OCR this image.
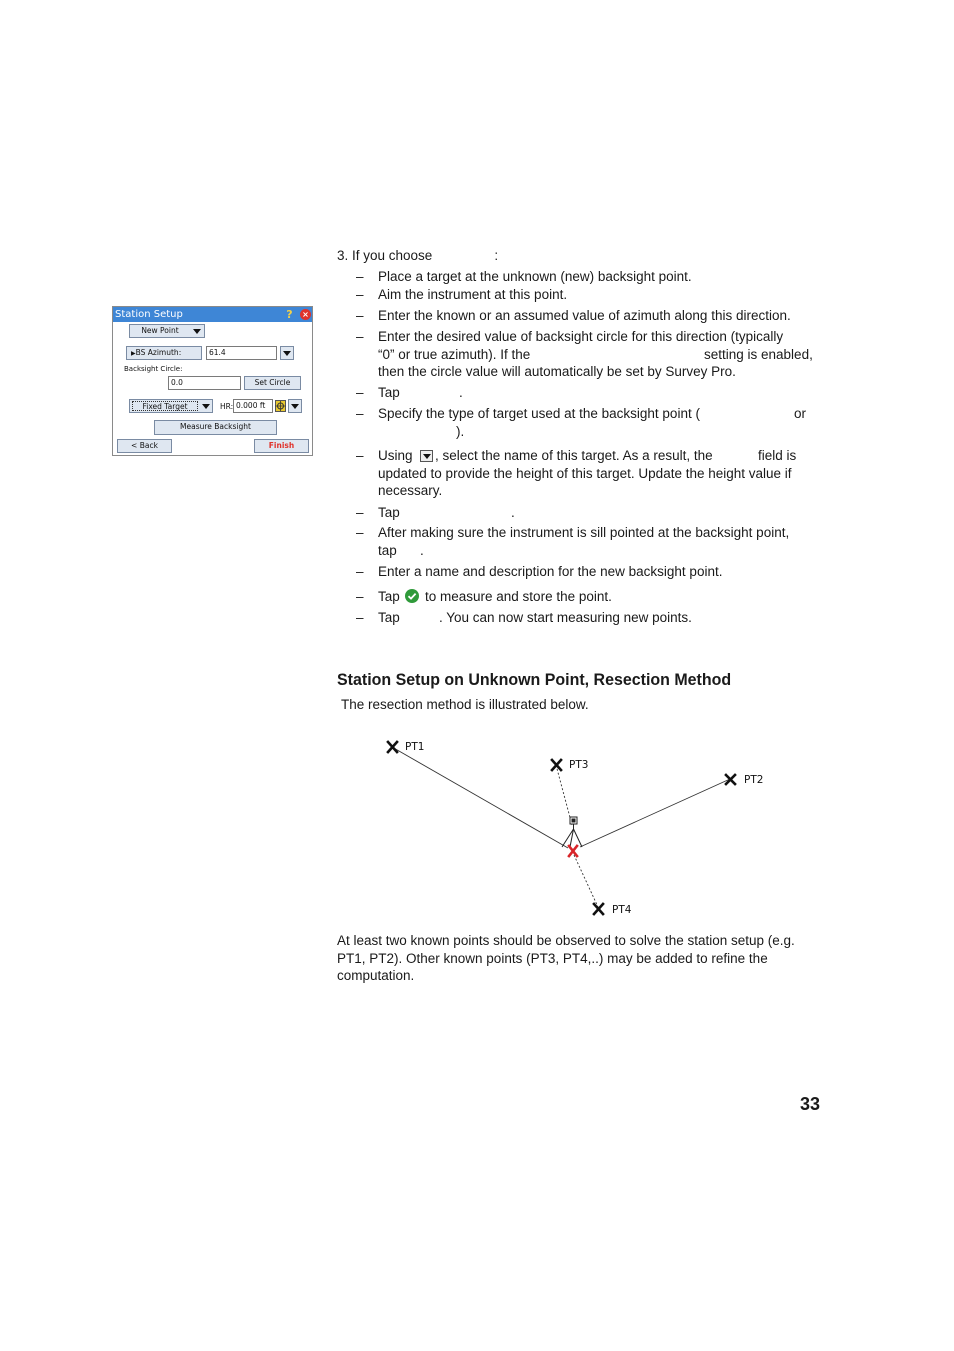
3. If you choose	:
– Place a target at the unknown (new) backsight point.
– Aim the instrument at this point.
– Enter the known or an assumed value of azimuth along this direction.
– Enter the desired value of backsight circle for this direction (typically
“0” or true azimuth). If the	setting is enabled,
then the circle value will automatically be set by Survey Pro.
– Tap	.
– Specify the type of target used at the backsight point (	or
).

– Using , select the name of this target. As a result, the	field is
updated to provide the height of this target. Update the height value if
necessary.
– Tap	.
– After making sure the instrument is sill pointed at the backsight point,
tap .
– Enter a name and description for the new backsight point.
– Tap to measure and store the point.
– Tap	. You can now start measuring new points.
Station Setup	?	×
New Point
▶BS Azimuth:	61.4
Backsight Circle:
0.0	Set Circle
Fixed Target	HR: 0.000 ft
Measure Backsight
< Back	Finish
Station Setup on Unknown Point, Resection Method
The resection method is illustrated below.
PT1
PT3
PT2
PT4
At least two known points should be observed to solve the station setup (e.g.
PT1, PT2). Other known points (PT3, PT4,..) may be added to refine the
computation.
33
